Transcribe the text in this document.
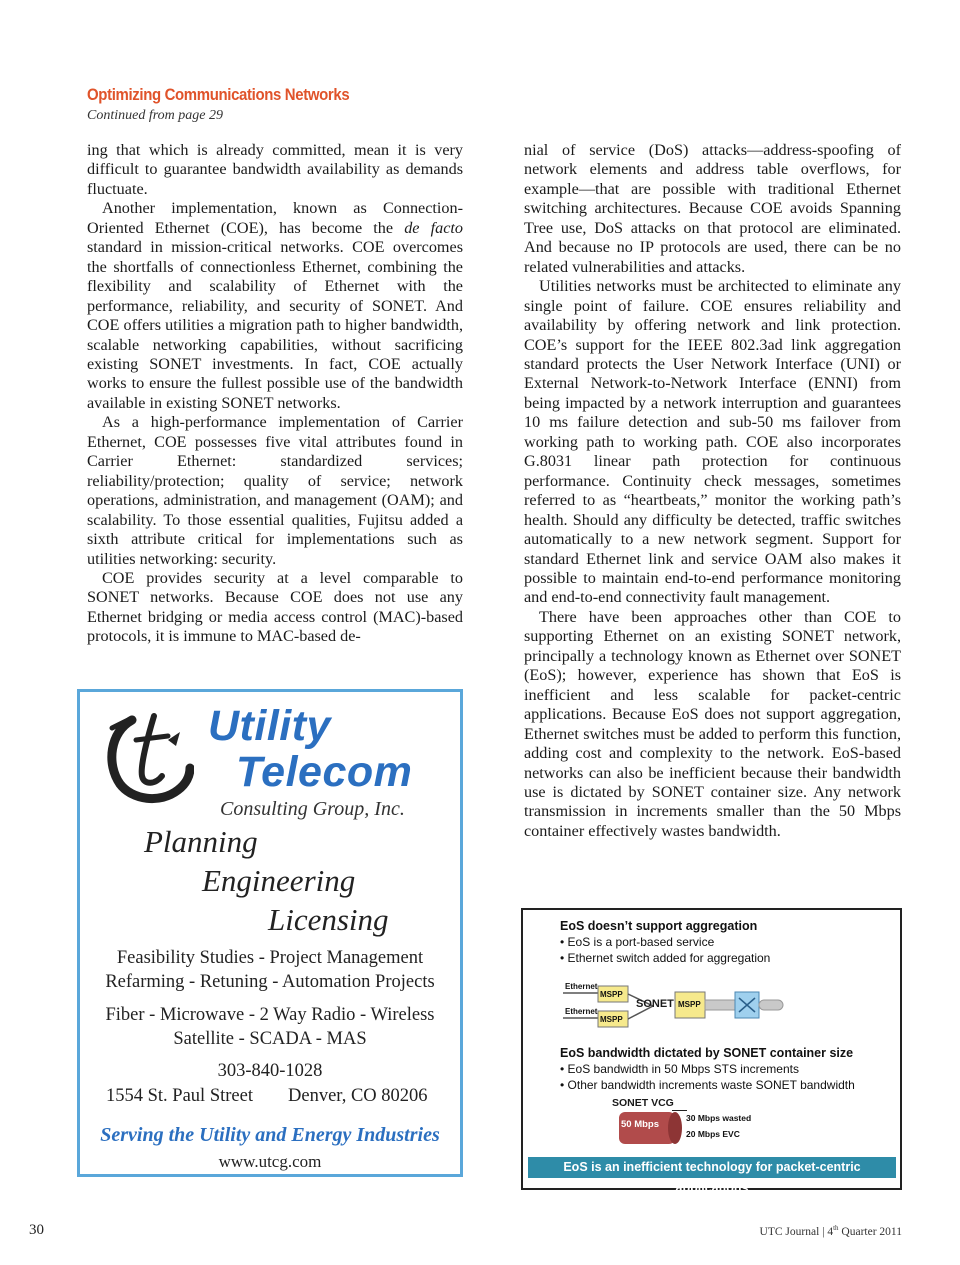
Optimizing Communications Networks
Continued from page 29

ing that which is already committed, mean it is very difficult to guarantee bandwidth availability as demands fluctuate.

Another implementation, known as Connection-Oriented Ethernet (COE), has become the de facto standard in mission-critical networks. COE overcomes the shortfalls of connectionless Ethernet, combining the flexibility and scalability of Ethernet with the performance, reliability, and security of SONET. And COE offers utilities a migration path to higher bandwidth, scalable networking capabilities, without sacrificing existing SONET investments. In fact, COE actually works to ensure the fullest possible use of the bandwidth available in existing SONET networks.

As a high-performance implementation of Carrier Ethernet, COE possesses five vital attributes found in Carrier Ethernet: standardized services; reliability/protection; quality of service; network operations, administration, and management (OAM); and scalability. To those essential qualities, Fujitsu added a sixth attribute critical for implementations such as utilities networking: security.

COE provides security at a level comparable to SONET networks. Because COE does not use any Ethernet bridging or media access control (MAC)-based protocols, it is immune to MAC-based de-

nial of service (DoS) attacks—address-spoofing of network elements and address table overflows, for example—that are possible with traditional Ethernet switching architectures. Because COE avoids Spanning Tree use, DoS attacks on that protocol are eliminated. And because no IP protocols are used, there can be no related vulnerabilities and attacks.

Utilities networks must be architected to eliminate any single point of failure. COE ensures reliability and availability by offering network and link protection. COE’s support for the IEEE 802.3ad link aggregation standard protects the User Network Interface (UNI) or External Network-to-Network Interface (ENNI) from being impacted by a network interruption and guarantees 10 ms failure detection and sub-50 ms failover from working path to working path. COE also incorporates G.8031 linear path protection for continuous performance. Continuity check messages, sometimes referred to as “heartbeats,” monitor the working path’s health. Should any difficulty be detected, traffic switches automatically to a new network segment. Support for standard Ethernet link and service OAM also makes it possible to maintain end-to-end performance monitoring and end-to-end connectivity fault management.

There have been approaches other than COE to supporting Ethernet on an existing SONET network, principally a technology known as Ethernet over SONET (EoS); however, experience has shown that EoS is inefficient and less scalable for packet-centric applications. Because EoS does not support aggregation, Ethernet switches must be added to perform this function, adding cost and complexity to the network. EoS-based networks can also be inefficient because their bandwidth use is dictated by SONET container size. Any network transmission in increments smaller than the 50 Mbps container effectively wastes bandwidth.

Utility
Telecom
Consulting Group, Inc.
Planning
Engineering
Licensing
Feasibility Studies - Project Management
Refarming - Retuning - Automation Projects
Fiber - Microwave - 2 Way Radio - Wireless
Satellite - SCADA - MAS
303-840-1028
1554 St. Paul Street Denver, CO 80206
Serving the Utility and Energy Industries
www.utcg.com
EoS doesn’t support aggregation
• EoS is a port-based service
• Ethernet switch added for aggregation
Ethernet
Ethernet
MSPP
MSPP
MSPP
SONET
EoS bandwidth dictated by SONET container size
• EoS bandwidth in 50 Mbps STS increments
• Other bandwidth increments waste SONET bandwidth
SONET VCG
50 Mbps
30 Mbps wasted
20 Mbps EVC
EoS is an inefficient technology for packet-centric applications
30	UTC Journal | 4th Quarter 2011
